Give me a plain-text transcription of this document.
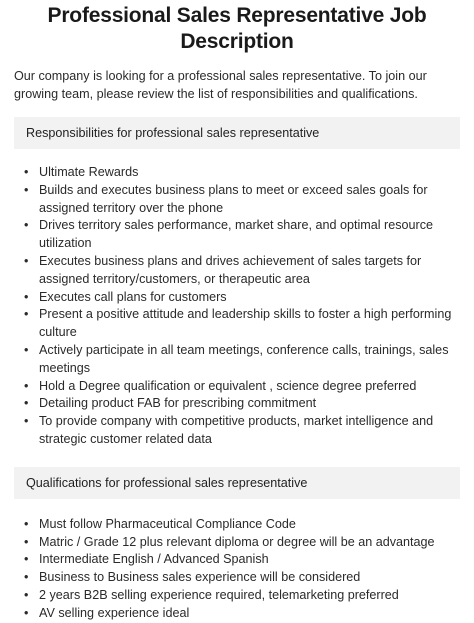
Professional Sales Representative Job Description

Our company is looking for a professional sales representative. To join our growing team, please review the list of responsibilities and qualifications.

Responsibilities for professional sales representative
• Ultimate Rewards
• Builds and executes business plans to meet or exceed sales goals for assigned territory over the phone
• Drives territory sales performance, market share, and optimal resource utilization
• Executes business plans and drives achievement of sales targets for assigned territory/customers, or therapeutic area
• Executes call plans for customers
• Present a positive attitude and leadership skills to foster a high performing culture
• Actively participate in all team meetings, conference calls, trainings, sales meetings
• Hold a Degree qualification or equivalent , science degree preferred
• Detailing product FAB for prescribing commitment
• To provide company with competitive products, market intelligence and strategic customer related data
Qualifications for professional sales representative
• Must follow Pharmaceutical Compliance Code
• Matric / Grade 12 plus relevant diploma or degree will be an advantage
• Intermediate English / Advanced Spanish
• Business to Business sales experience will be considered
• 2 years B2B selling experience required, telemarketing preferred
• AV selling experience ideal
